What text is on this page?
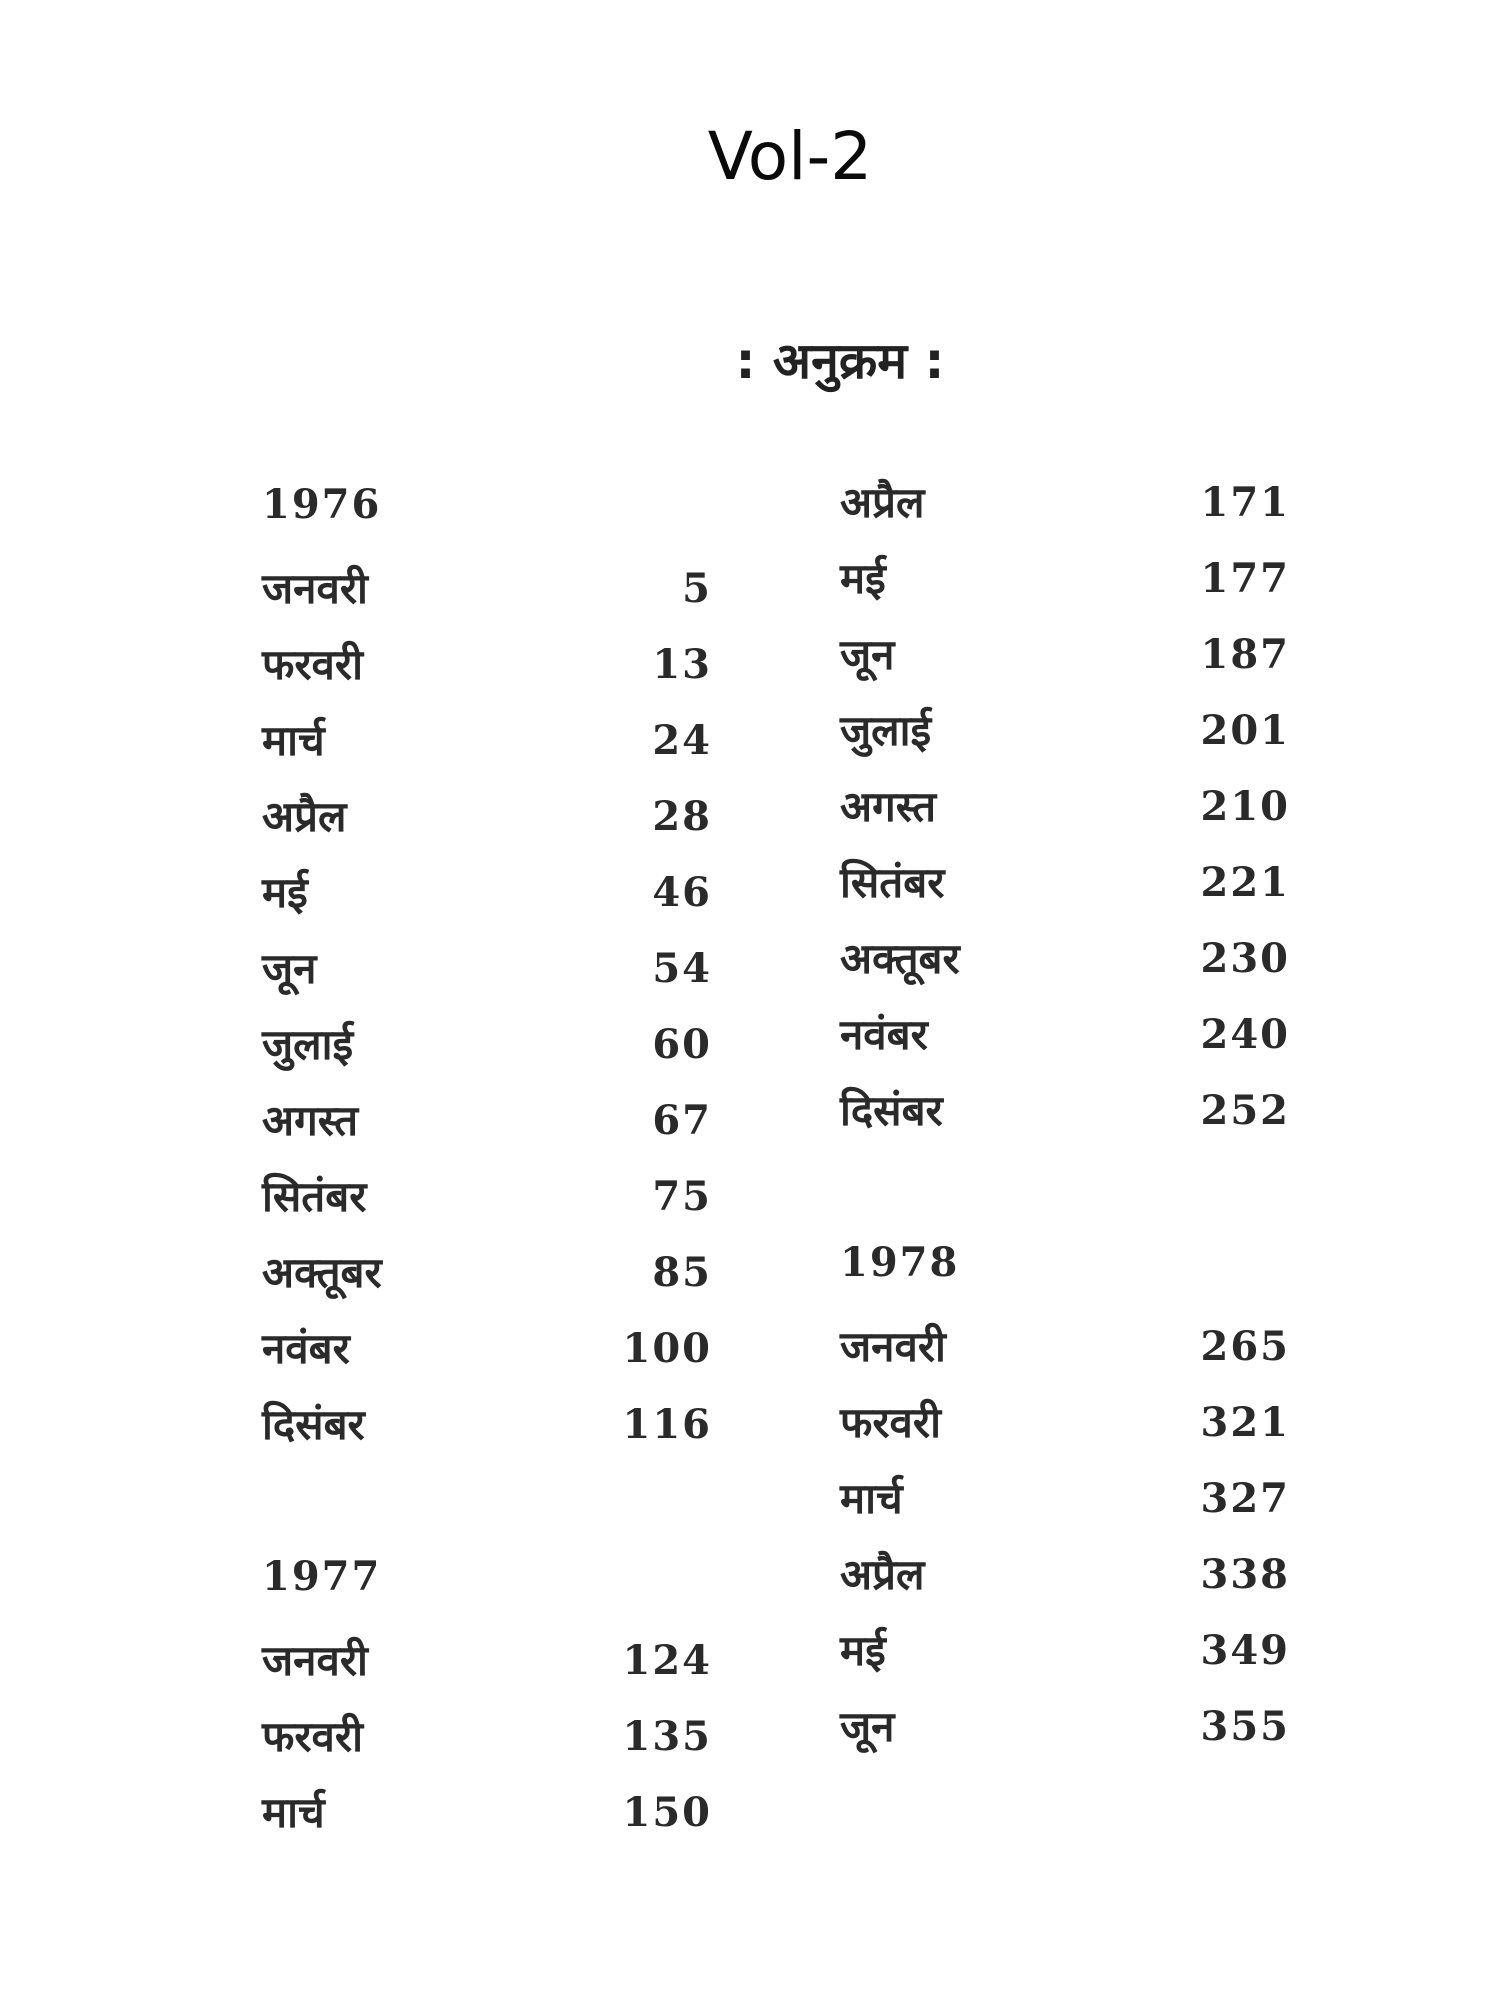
Vol-2
: अनुक्रम :
1976
जनवरी	5
फरवरी	13
मार्च	24
अप्रैल	28
मई	46
जून	54
जुलाई	60
अगस्त	67
सितंबर	75
अक्तूबर	85
नवंबर	100
दिसंबर	116
1977
जनवरी	124
फरवरी	135
मार्च	150
अप्रैल	171
मई	177
जून	187
जुलाई	201
अगस्त	210
सितंबर	221
अक्तूबर	230
नवंबर	240
दिसंबर	252
1978
जनवरी	265
फरवरी	321
मार्च	327
अप्रैल	338
मई	349
जून	355
